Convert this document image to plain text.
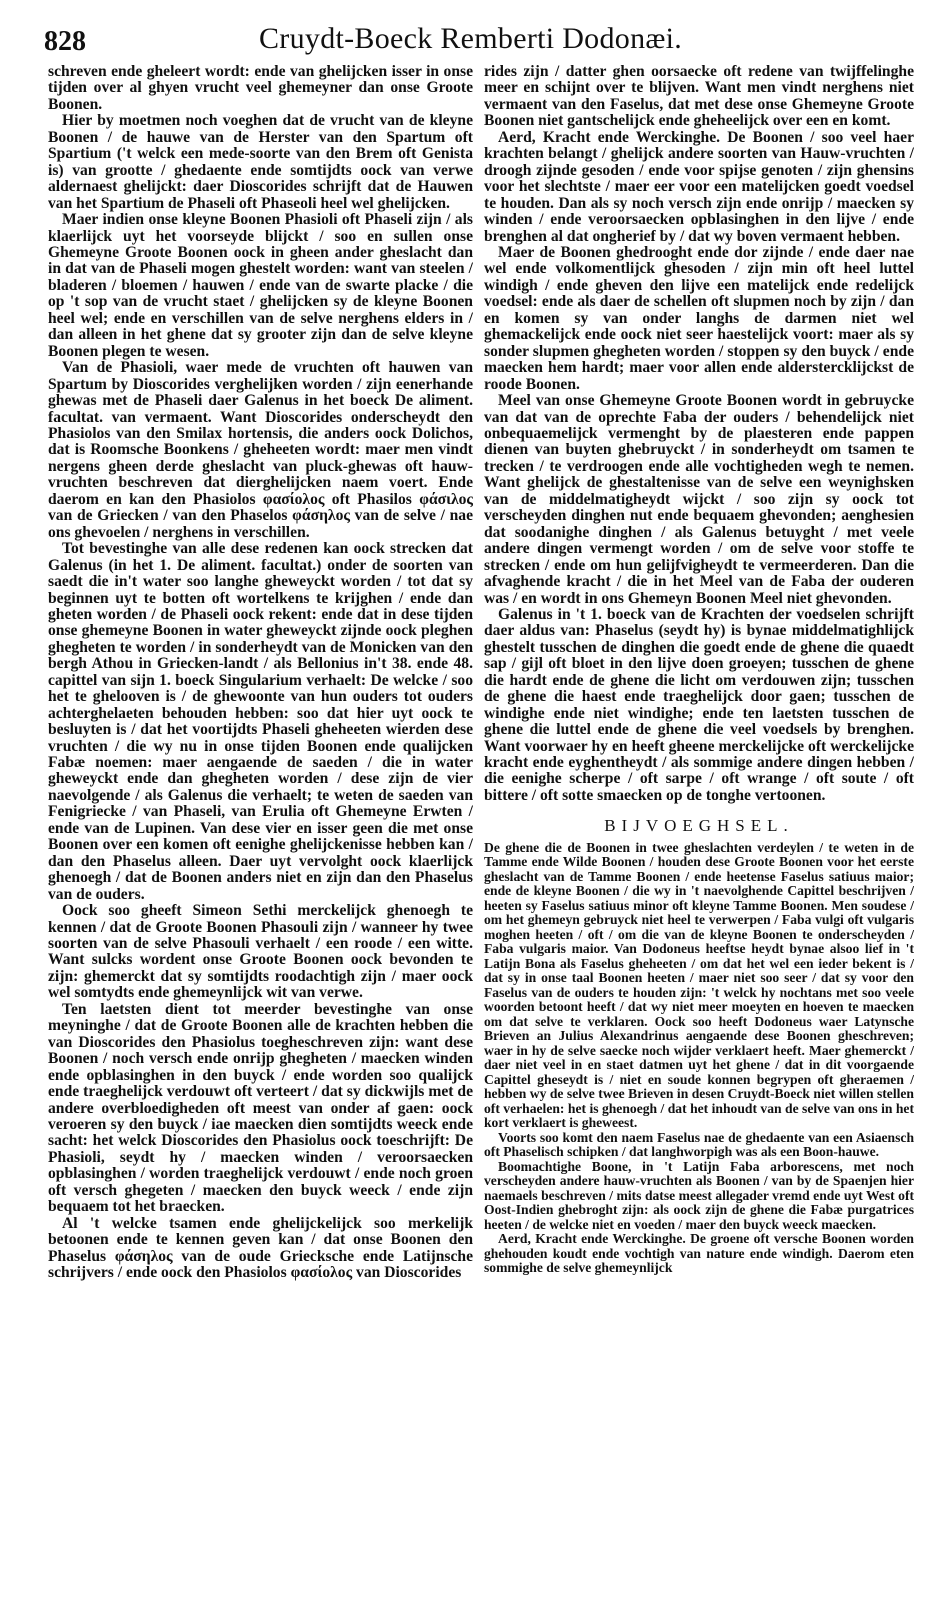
828	Cruydt-Boeck Remberti Dodonæi.

schreven ende gheleert wordt: ende van ghelijcken isser in onse tijden over al ghyen vrucht veel ghemeyner dan onse Groote Boonen.

Hier by moetmen noch voeghen dat de vrucht van de kleyne Boonen / de hauwe van de Herster van den Spartum oft Spartium ('t welck een mede-soorte van den Brem oft Genista is) van grootte / ghedaente ende somtijdts oock van verwe aldernaest ghelijckt: daer Dioscorides schrijft dat de Hauwen van het Spartium de Phaseli oft Phaseoli heel wel ghelijcken.

Maer indien onse kleyne Boonen Phasioli oft Phaseli zijn / als klaerlijck uyt het voorseyde blijckt / soo en sullen onse Ghemeyne Groote Boonen oock in gheen ander gheslacht dan in dat van de Phaseli mogen ghestelt worden: want van steelen / bladeren / bloemen / hauwen / ende van de swarte placke / die op 't sop van de vrucht staet / ghelijcken sy de kleyne Boonen heel wel; ende en verschillen van de selve nerghens elders in / dan alleen in het ghene dat sy grooter zijn dan de selve kleyne Boonen plegen te wesen.

Van de Phasioli, waer mede de vruchten oft hauwen van Spartum by Dioscorides verghelijken worden / zijn eenerhande ghewas met de Phaseli daer Galenus in het boeck De aliment. facultat. van vermaent. Want Dioscorides onderscheydt den Phasiolos van den Smilax hortensis, die anders oock Dolichos, dat is Roomsche Boonkens / gheheeten wordt: maer men vindt nergens gheen derde gheslacht van pluck-ghewas oft hauw-vruchten beschreven dat dierghelijcken naem voert. Ende daerom en kan den Phasiolos φασίολος oft Phasilos φάσιλος van de Griecken / van den Phaselos φάσηλος van de selve / nae ons ghevoelen / nerghens in verschillen.

Tot bevestinghe van alle dese redenen kan oock strecken dat Galenus (in het 1. De aliment. facultat.) onder de soorten van saedt die in't water soo langhe gheweyckt worden / tot dat sy beginnen uyt te botten oft wortelkens te krijghen / ende dan gheten worden / de Phaseli oock rekent: ende dat in dese tijden onse ghemeyne Boonen in water gheweyckt zijnde oock pleghen ghegheten te worden / in sonderheydt van de Monicken van den bergh Athou in Griecken-landt / als Bellonius in't 38. ende 48. capittel van sijn 1. boeck Singularium verhaelt: De welcke / soo het te ghelooven is / de ghewoonte van hun ouders tot ouders achterghelaeten behouden hebben: soo dat hier uyt oock te besluyten is / dat het voortijdts Phaseli gheheeten wierden dese vruchten / die wy nu in onse tijden Boonen ende qualijcken Fabæ noemen: maer aengaende de saeden / die in water gheweyckt ende dan ghegheten worden / dese zijn de vier naevolgende / als Galenus die verhaelt; te weten de saeden van Fenigriecke / van Phaseli, van Erulia oft Ghemeyne Erwten / ende van de Lupinen. Van dese vier en isser geen die met onse Boonen over een komen oft eenighe ghelijckenisse hebben kan / dan den Phaselus alleen. Daer uyt vervolght oock klaerlijck ghenoegh / dat de Boonen anders niet en zijn dan den Phaselus van de ouders.

Oock soo gheeft Simeon Sethi merckelijck ghenoegh te kennen / dat de Groote Boonen Phasouli zijn / wanneer hy twee soorten van de selve Phasouli verhaelt / een roode / een witte. Want sulcks wordent onse Groote Boonen oock bevonden te zijn: ghemerckt dat sy somtijdts roodachtigh zijn / maer oock wel somtydts ende ghemeynlijck wit van verwe.

Ten laetsten dient tot meerder bevestinghe van onse meyninghe / dat de Groote Boonen alle de krachten hebben die van Dioscorides den Phasiolus toegheschreven zijn: want dese Boonen / noch versch ende onrijp ghegheten / maecken winden ende opblasinghen in den buyck / ende worden soo qualijck ende traeghelijck verdouwt oft verteert / dat sy dickwijls met de andere overbloedigheden oft meest van onder af gaen: oock veroeren sy den buyck / iae maecken dien somtijdts weeck ende sacht: het welck Dioscorides den Phasiolus oock toeschrijft: De Phasioli, seydt hy / maecken winden / veroorsaecken opblasinghen / worden traeghelijck verdouwt / ende noch groen oft versch ghegeten / maecken den buyck weeck / ende zijn bequaem tot het braecken.

Al 't welcke tsamen ende ghelijckelijck soo merkelijk betoonen ende te kennen geven kan / dat onse Boonen den Phaselus φάσηλος van de oude Griecksche ende Latijnsche schrijvers / ende oock den Phasiolos φασίολος van Dioscorides

rides zijn / datter ghen oorsaecke oft redene van twijffelinghe meer en schijnt over te blijven. Want men vindt nerghens niet vermaent van den Faselus, dat met dese onse Ghemeyne Groote Boonen niet gantschelijck ende gheheelijck over een en komt.

Aerd, Kracht ende Werckinghe. De Boonen / soo veel haer krachten belangt / ghelijck andere soorten van Hauw-vruchten / droogh zijnde gesoden / ende voor spijse genoten / zijn ghensins voor het slechtste / maer eer voor een matelijcken goedt voedsel te houden. Dan als sy noch versch zijn ende onrijp / maecken sy winden / ende veroorsaecken opblasinghen in den lijve / ende brenghen al dat ongherief by / dat wy boven vermaent hebben.

Maer de Boonen ghedrooght ende dor zijnde / ende daer nae wel ende volkomentlijck ghesoden / zijn min oft heel luttel windigh / ende gheven den lijve een matelijck ende redelijck voedsel: ende als daer de schellen oft slupmen noch by zijn / dan en komen sy van onder langhs de darmen niet wel ghemackelijck ende oock niet seer haestelijck voort: maer als sy sonder slupmen ghegheten worden / stoppen sy den buyck / ende maecken hem hardt; maer voor allen ende alderstercklijckst de roode Boonen.

Meel van onse Ghemeyne Groote Boonen wordt in gebruycke van dat van de oprechte Faba der ouders / behendelijck niet onbequaemelijck vermenght by de plaesteren ende pappen dienen van buyten ghebruyckt / in sonderheydt om tsamen te trecken / te verdroogen ende alle vochtigheden wegh te nemen. Want ghelijck de ghestaltenisse van de selve een weynighsken van de middelmatigheydt wijckt / soo zijn sy oock tot verscheyden dinghen nut ende bequaem ghevonden; aenghesien dat soodanighe dinghen / als Galenus betuyght / met veele andere dingen vermengt worden / om de selve voor stoffe te strecken / ende om hun gelijfvigheydt te vermeerderen. Dan die afvaghende kracht / die in het Meel van de Faba der ouderen was / en wordt in ons Ghemeyn Boonen Meel niet ghevonden.

Galenus in 't 1. boeck van de Krachten der voedselen schrijft daer aldus van: Phaselus (seydt hy) is bynae middelmatighlijck ghestelt tusschen de dinghen die goedt ende de ghene die quaedt sap / gijl oft bloet in den lijve doen groeyen; tusschen de ghene die hardt ende de ghene die licht om verdouwen zijn; tusschen de ghene die haest ende traeghelijck door gaen; tusschen de windighe ende niet windighe; ende ten laetsten tusschen de ghene die luttel ende de ghene die veel voedsels by brenghen. Want voorwaer hy en heeft gheene merckelijcke oft werckelijcke kracht ende eyghentheydt / als sommige andere dingen hebben / die eenighe scherpe / oft sarpe / oft wrange / oft soute / oft bittere / oft sotte smaecken op de tonghe vertoonen.

BIJVOEGHSEL.

De ghene die de Boonen in twee gheslachten verdeylen / te weten in de Tamme ende Wilde Boonen / houden dese Groote Boonen voor het eerste gheslacht van de Tamme Boonen / ende heetense Faselus satiuus maior; ende de kleyne Boonen / die wy in 't naevolghende Capittel beschrijven / heeten sy Faselus satiuus minor oft kleyne Tamme Boonen. Men soudese / om het ghemeyn gebruyck niet heel te verwerpen / Faba vulgi oft vulgaris moghen heeten / oft / om die van de kleyne Boonen te onderscheyden / Faba vulgaris maior. Van Dodoneus heeftse heydt bynae alsoo lief in 't Latijn Bona als Faselus gheheeten / om dat het wel een ieder bekent is / dat sy in onse taal Boonen heeten / maer niet soo seer / dat sy voor den Faselus van de ouders te houden zijn: 't welck hy nochtans met soo veele woorden betoont heeft / dat wy niet meer moeyten en hoeven te maecken om dat selve te verklaren. Oock soo heeft Dodoneus waer Latynsche Brieven an Julius Alexandrinus aengaende dese Boonen gheschreven; waer in hy de selve saecke noch wijder verklaert heeft. Maer ghemerckt / daer niet veel in en staet datmen uyt het ghene / dat in dit voorgaende Capittel gheseydt is / niet en soude konnen begrypen oft gheraemen / hebben wy de selve twee Brieven in desen Cruydt-Boeck niet willen stellen oft verhaelen: het is ghenoegh / dat het inhoudt van de selve van ons in het kort verklaert is gheweest.

Voorts soo komt den naem Faselus nae de ghedaente van een Asiaensch oft Phaselisch schipken / dat langhworpigh was als een Boon-hauwe.

Boomachtighe Boone, in 't Latijn Faba arborescens, met noch verscheyden andere hauw-vruchten als Boonen / van by de Spaenjen hier naemaels beschreven / mits datse meest allegader vremd ende uyt West oft Oost-Indien ghebroght zijn: als oock zijn de ghene die Fabæ purgatrices heeten / de welcke niet en voeden / maer den buyck weeck maecken.

Aerd, Kracht ende Werckinghe. De groene oft versche Boonen worden ghehouden koudt ende vochtigh van nature ende windigh. Daerom eten sommighe de selve ghemeynlijck
